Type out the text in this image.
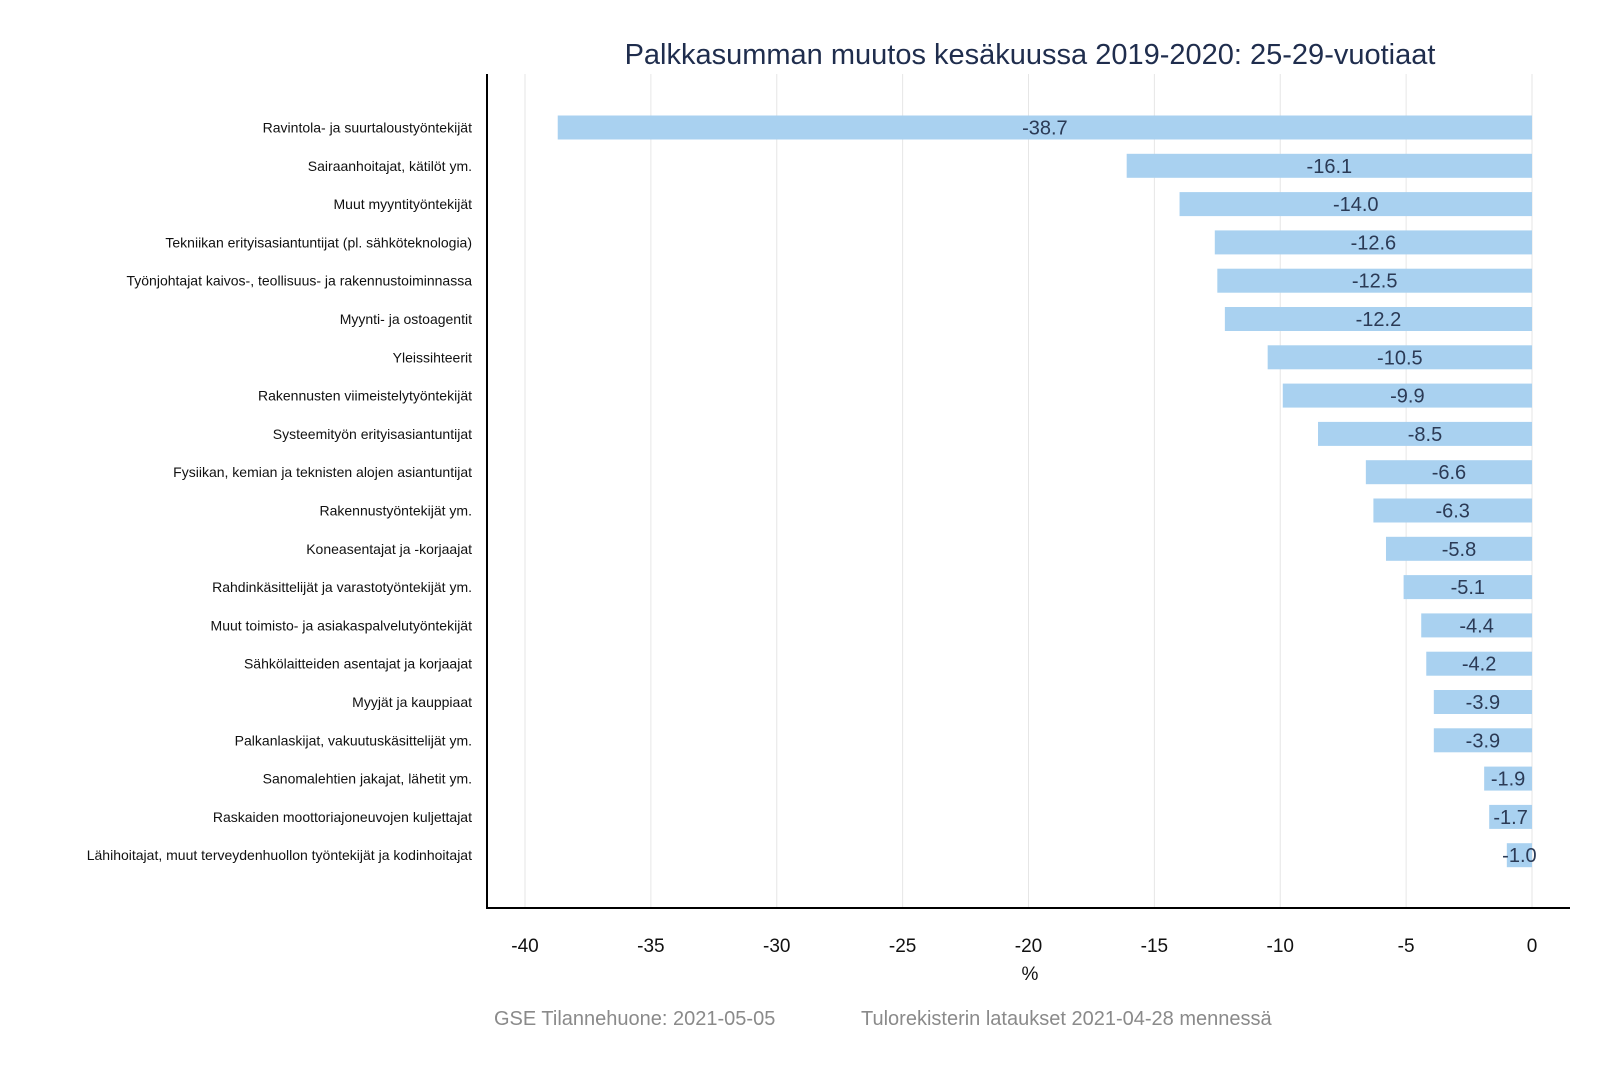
Palkkasumman muutos kesäkuussa 2019-2020: 25-29-vuotiaat
Ravintola- ja suurtaloustyöntekijät	-38.7
Sairaanhoitajat, kätilöt ym.	-16.1
Muut myyntityöntekijät	-14.0
Tekniikan erityisasiantuntijat (pl. sähköteknologia)	-12.6
Työnjohtajat kaivos-, teollisuus- ja rakennustoiminnassa	-12.5
Myynti- ja ostoagentit	-12.2
Yleissihteerit	-10.5
Rakennusten viimeistelytyöntekijät	-9.9
Systeemityön erityisasiantuntijat	-8.5
Fysiikan, kemian ja teknisten alojen asiantuntijat	-6.6
Rakennustyöntekijät ym.	-6.3
Koneasentajat ja -korjaajat	-5.8
Rahdinkäsittelijät ja varastotyöntekijät ym.	-5.1
Muut toimisto- ja asiakaspalvelutyöntekijät	-4.4
Sähkölaitteiden asentajat ja korjaajat	-4.2
Myyjät ja kauppiaat	-3.9
Palkanlaskijat, vakuutuskäsittelijät ym.	-3.9
Sanomalehtien jakajat, lähetit ym.	-1.9
Raskaiden moottoriajoneuvojen kuljettajat	-1.7
Lähihoitajat, muut terveydenhuollon työntekijät ja kodinhoitajat	-1.0
-40	-35	-30	-25	-20	-15	-10	-5	0
%
GSE Tilannehuone: 2021-05-05	Tulorekisterin lataukset 2021-04-28 mennessä
